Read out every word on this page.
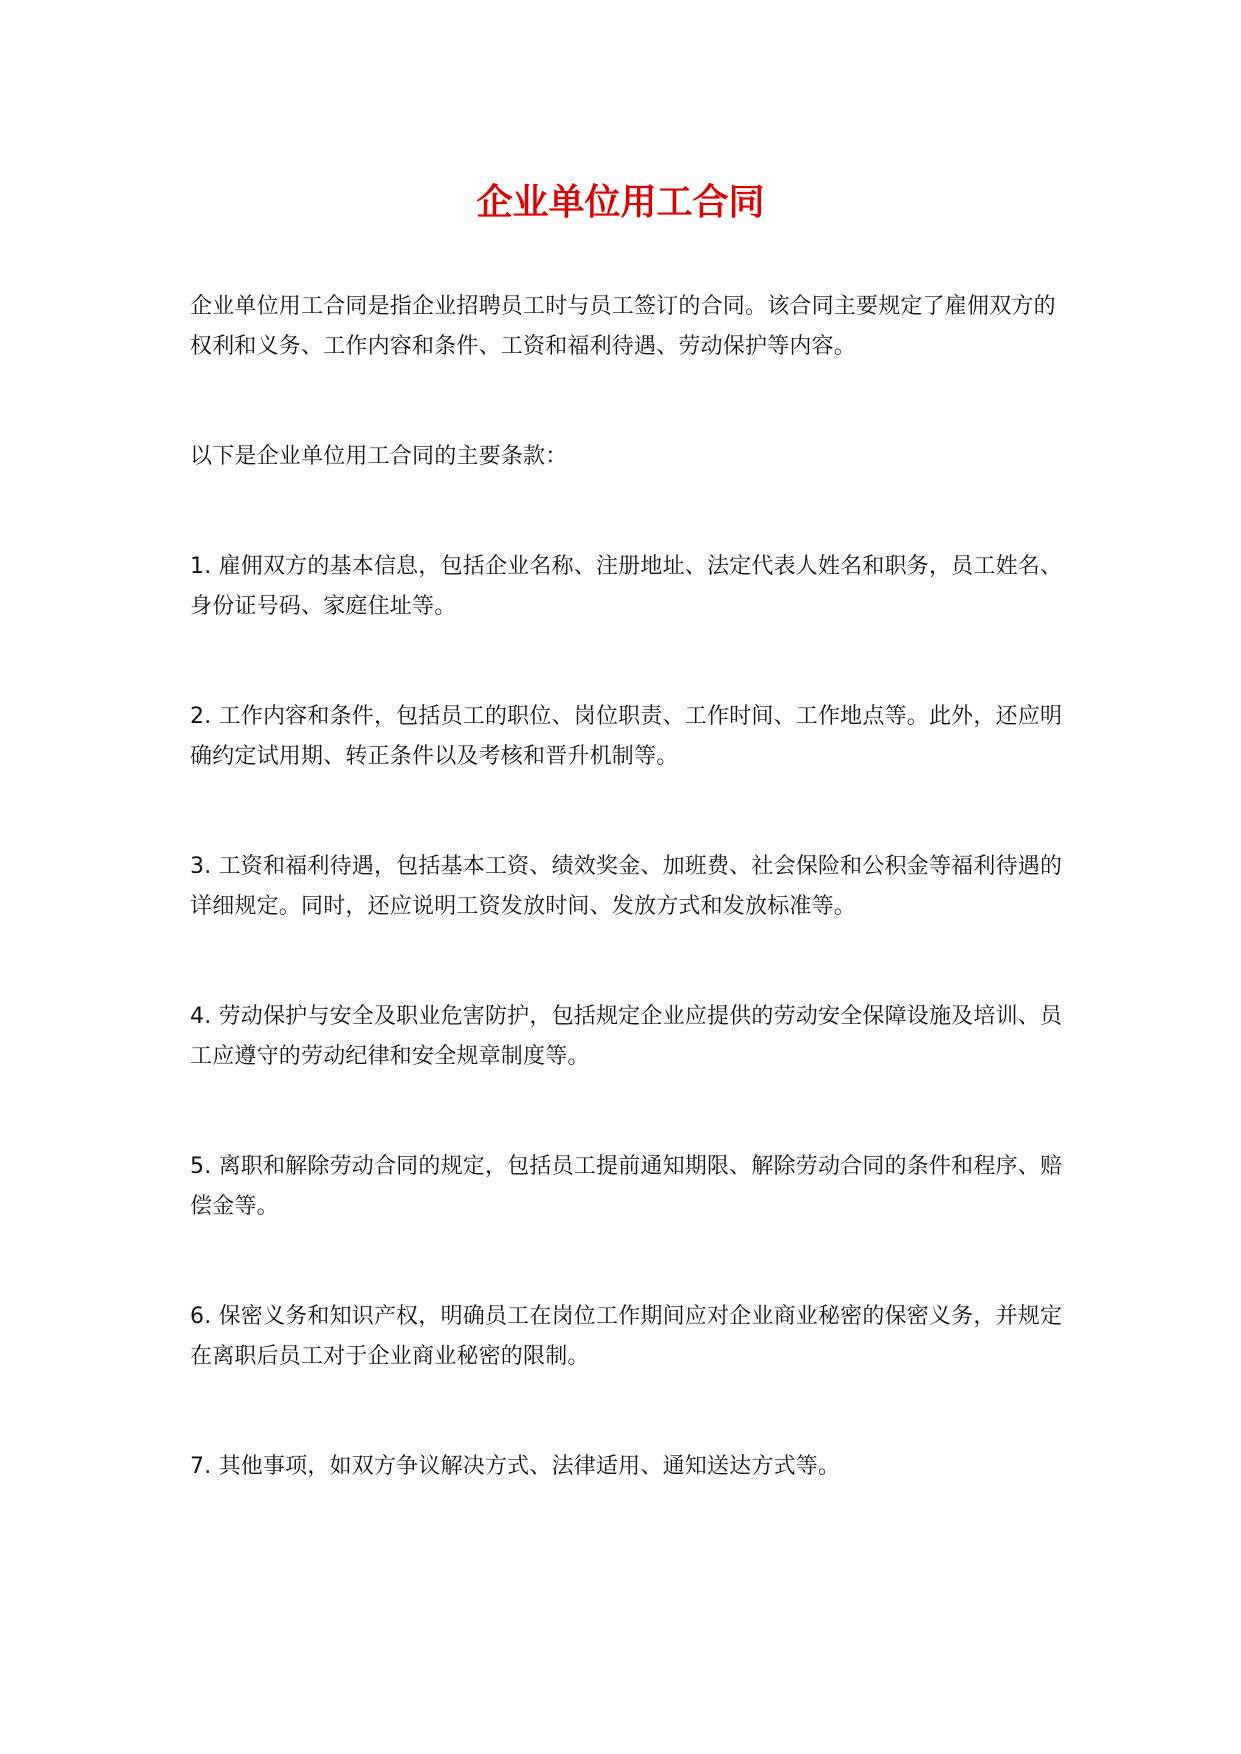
企业单位用工合同

企业单位用工合同是指企业招聘员工时与员工签订的合同。该合同主要规定了雇佣双方的权利和义务、工作内容和条件、工资和福利待遇、劳动保护等内容。

以下是企业单位用工合同的主要条款：

1. 雇佣双方的基本信息，包括企业名称、注册地址、法定代表人姓名和职务，员工姓名、身份证号码、家庭住址等。

2. 工作内容和条件，包括员工的职位、岗位职责、工作时间、工作地点等。此外，还应明确约定试用期、转正条件以及考核和晋升机制等。

3. 工资和福利待遇，包括基本工资、绩效奖金、加班费、社会保险和公积金等福利待遇的详细规定。同时，还应说明工资发放时间、发放方式和发放标准等。

4. 劳动保护与安全及职业危害防护，包括规定企业应提供的劳动安全保障设施及培训、员工应遵守的劳动纪律和安全规章制度等。

5. 离职和解除劳动合同的规定，包括员工提前通知期限、解除劳动合同的条件和程序、赔偿金等。

6. 保密义务和知识产权，明确员工在岗位工作期间应对企业商业秘密的保密义务，并规定在离职后员工对于企业商业秘密的限制。

7. 其他事项，如双方争议解决方式、法律适用、通知送达方式等。
